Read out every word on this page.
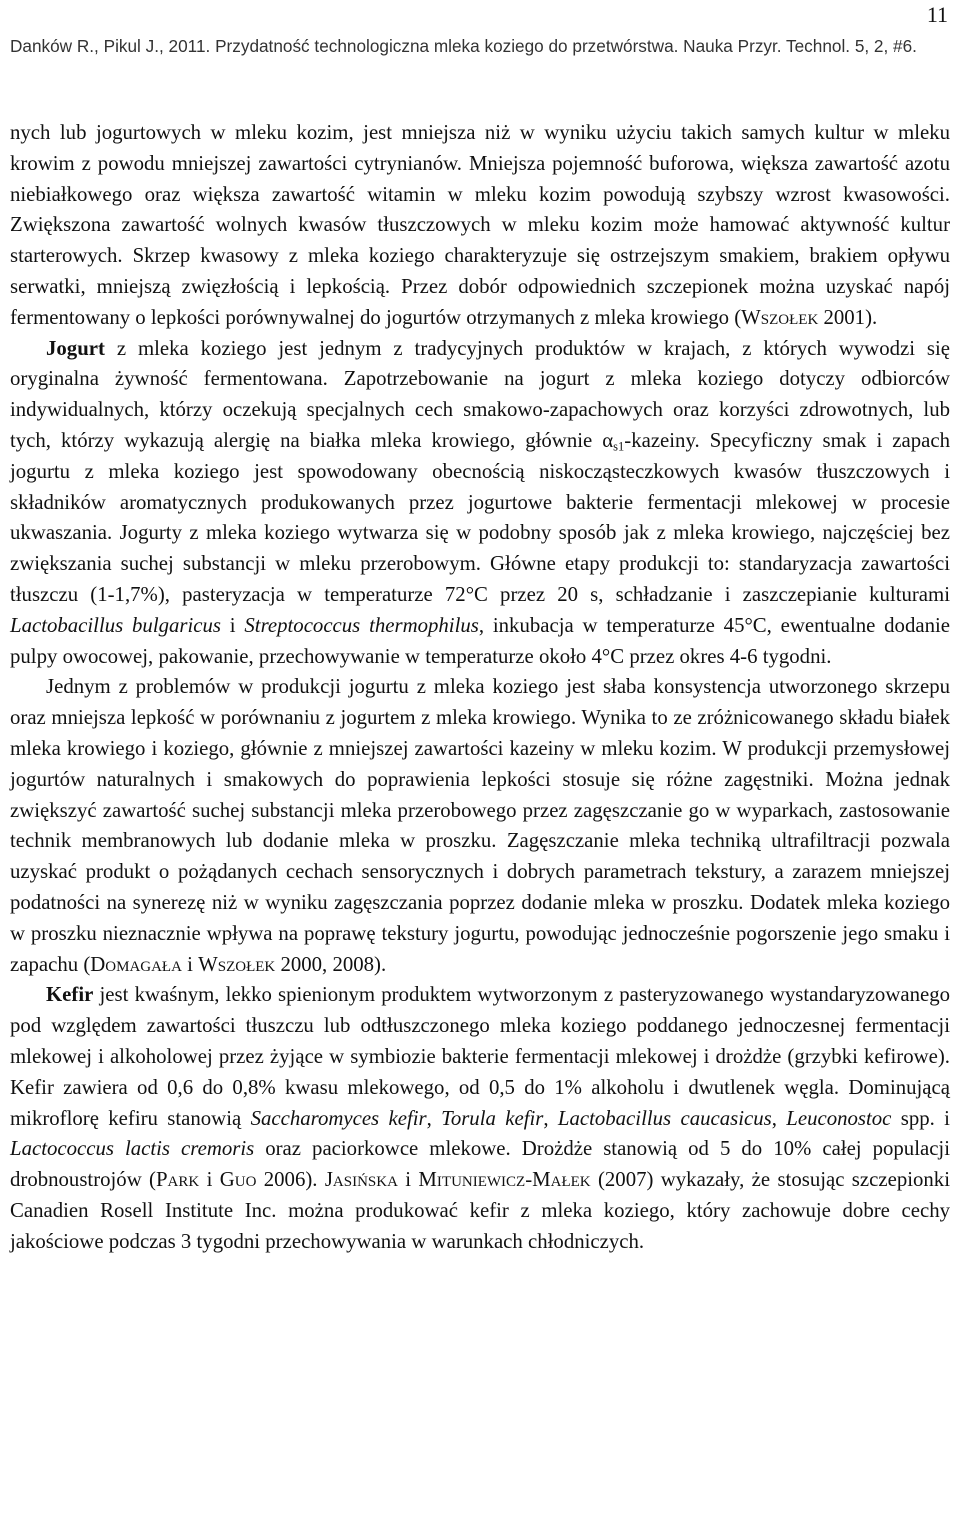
11
Danków R., Pikul J., 2011. Przydatność technologiczna mleka koziego do przetwórstwa. Nauka Przyr. Technol. 5, 2, #6.

nych lub jogurtowych w mleku kozim, jest mniejsza niż w wyniku użyciu takich samych kultur w mleku krowim z powodu mniejszej zawartości cytrynianów. Mniejsza pojemność buforowa, większa zawartość azotu niebiałkowego oraz większa zawartość witamin w mleku kozim powodują szybszy wzrost kwasowości. Zwiększona zawartość wolnych kwasów tłuszczowych w mleku kozim może hamować aktywność kultur starterowych. Skrzep kwasowy z mleka koziego charakteryzuje się ostrzejszym smakiem, brakiem opływu serwatki, mniejszą zwięzłością i lepkością. Przez dobór odpowiednich szczepionek można uzyskać napój fermentowany o lepkości porównywalnej do jogurtów otrzymanych z mleka krowiego (Wszołek 2001).

Jogurt z mleka koziego jest jednym z tradycyjnych produktów w krajach, z których wywodzi się oryginalna żywność fermentowana. Zapotrzebowanie na jogurt z mleka koziego dotyczy odbiorców indywidualnych, którzy oczekują specjalnych cech smakowo-zapachowych oraz korzyści zdrowotnych, lub tych, którzy wykazują alergię na białka mleka krowiego, głównie $\alpha_{s1}$-kazeiny. Specyficzny smak i zapach jogurtu z mleka koziego jest spowodowany obecnością niskocząsteczkowych kwasów tłuszczowych i składników aromatycznych produkowanych przez jogurtowe bakterie fermentacji mlekowej w procesie ukwaszania. Jogurty z mleka koziego wytwarza się w podobny sposób jak z mleka krowiego, najczęściej bez zwiększania suchej substancji w mleku przerobowym. Główne etapy produkcji to: standaryzacja zawartości tłuszczu (1-1,7%), pasteryzacja w temperaturze 72°C przez 20 s, schładzanie i zaszczepianie kulturami Lactobacillus bulgaricus i Streptococcus thermophilus, inkubacja w temperaturze 45°C, ewentualne dodanie pulpy owocowej, pakowanie, przechowywanie w temperaturze około 4°C przez okres 4-6 tygodni.

Jednym z problemów w produkcji jogurtu z mleka koziego jest słaba konsystencja utworzonego skrzepu oraz mniejsza lepkość w porównaniu z jogurtem z mleka krowiego. Wynika to ze zróżnicowanego składu białek mleka krowiego i koziego, głównie z mniejszej zawartości kazeiny w mleku kozim. W produkcji przemysłowej jogurtów naturalnych i smakowych do poprawienia lepkości stosuje się różne zagęstniki. Można jednak zwiększyć zawartość suchej substancji mleka przerobowego przez zagęszczanie go w wyparkach, zastosowanie technik membranowych lub dodanie mleka w proszku. Zagęszczanie mleka techniką ultrafiltracji pozwala uzyskać produkt o pożądanych cechach sensorycznych i dobrych parametrach tekstury, a zarazem mniejszej podatności na synerezę niż w wyniku zagęszczania poprzez dodanie mleka w proszku. Dodatek mleka koziego w proszku nieznacznie wpływa na poprawę tekstury jogurtu, powodując jednocześnie pogorszenie jego smaku i zapachu (Domagała i Wszołek 2000, 2008).

Kefir jest kwaśnym, lekko spienionym produktem wytworzonym z pasteryzowanego wystandaryzowanego pod względem zawartości tłuszczu lub odtłuszczonego mleka koziego poddanego jednoczesnej fermentacji mlekowej i alkoholowej przez żyjące w symbiozie bakterie fermentacji mlekowej i drożdże (grzybki kefirowe). Kefir zawiera od 0,6 do 0,8% kwasu mlekowego, od 0,5 do 1% alkoholu i dwutlenek węgla. Dominującą mikroflorę kefiru stanowią Saccharomyces kefir, Torula kefir, Lactobacillus caucasicus, Leuconostoc spp. i Lactococcus lactis cremoris oraz paciorkowce mlekowe. Drożdże stanowią od 5 do 10% całej populacji drobnoustrojów (Park i Guo 2006). Jasińska i Mituniewicz-Małek (2007) wykazały, że stosując szczepionki Canadien Rosell Institute Inc. można produkować kefir z mleka koziego, który zachowuje dobre cechy jakościowe podczas 3 tygodni przechowywania w warunkach chłodniczych.
